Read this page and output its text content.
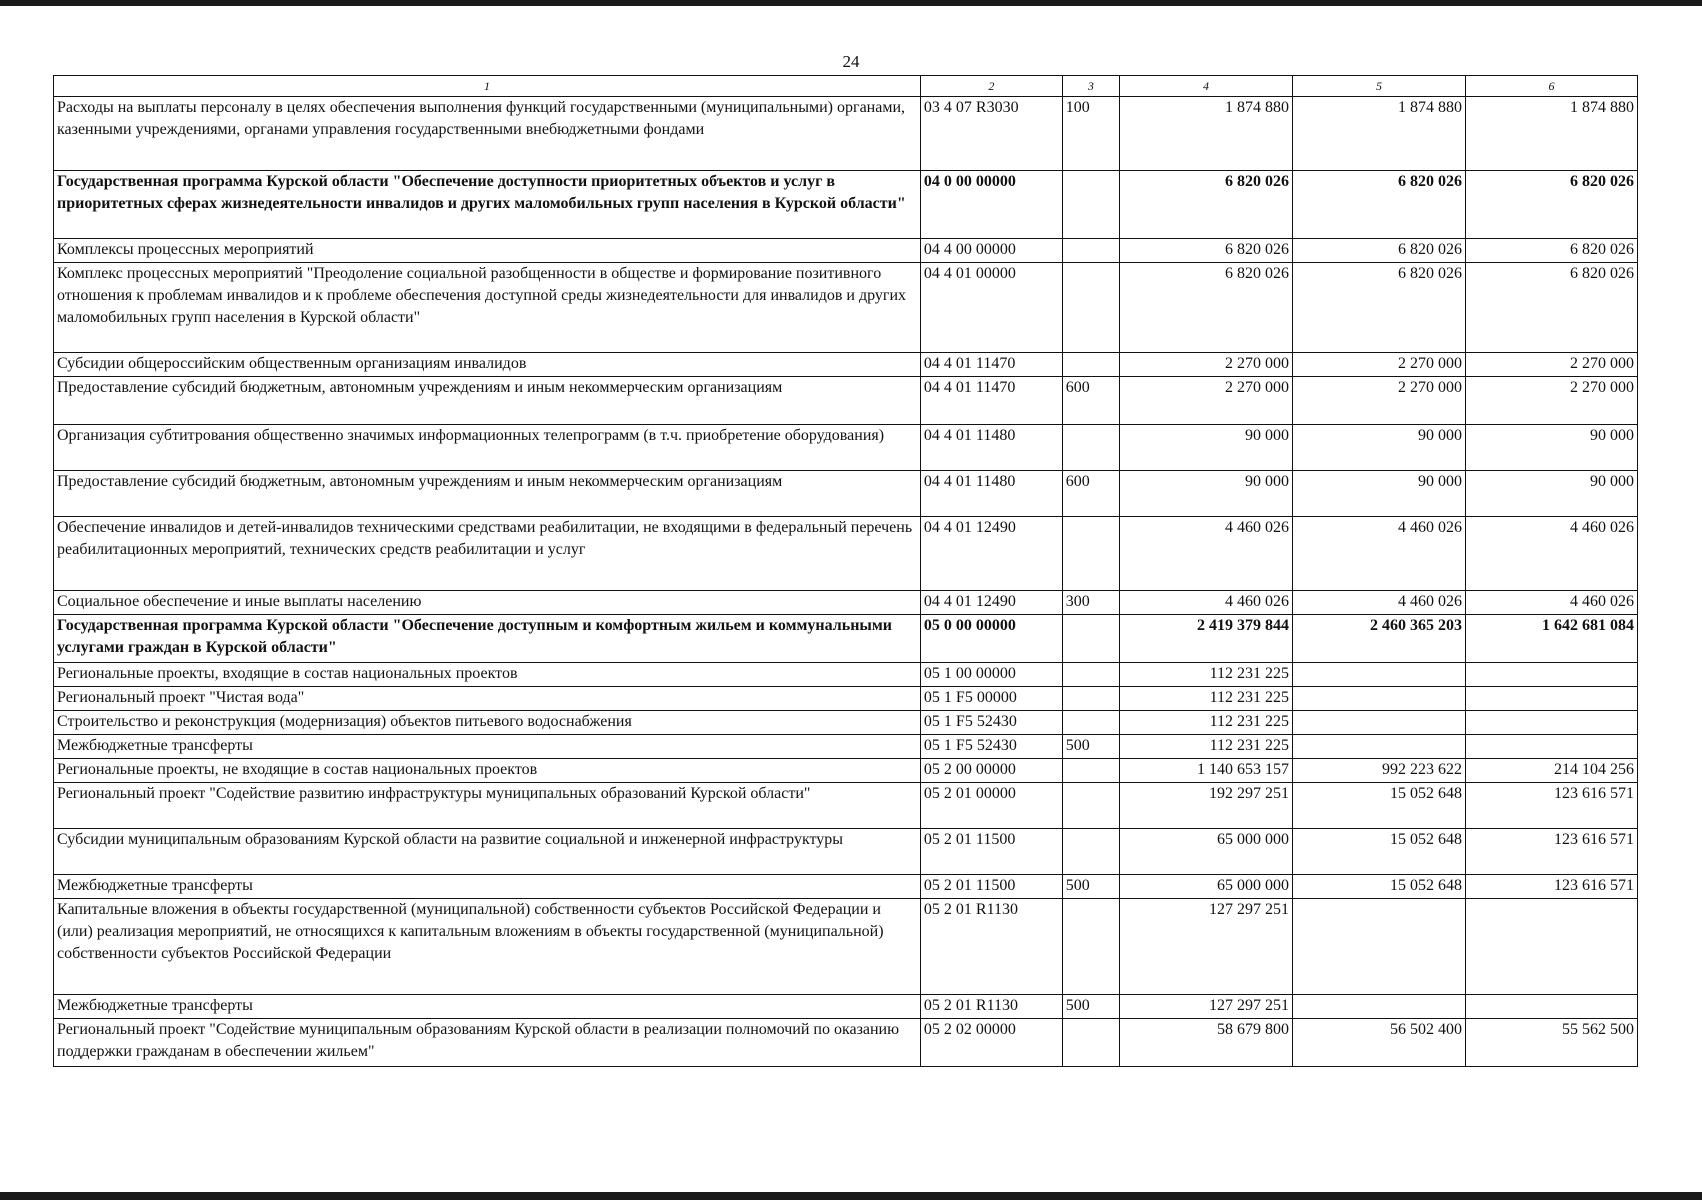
24
1	2	3	4	5	6
Расходы на выплаты персоналу в целях обеспечения выполнения функций государственными (муниципальными) органами, казенными учреждениями, органами управления государственными внебюджетными фондами	03 4 07 R3030	100	1 874 880	1 874 880	1 874 880
Государственная программа Курской области "Обеспечение доступности приоритетных объектов и услуг в приоритетных сферах жизнедеятельности инвалидов и других маломобильных групп населения в Курской области"	04 0 00 00000		6 820 026	6 820 026	6 820 026
Комплексы процессных мероприятий	04 4 00 00000		6 820 026	6 820 026	6 820 026
Комплекс процессных мероприятий "Преодоление социальной разобщенности в обществе и формирование позитивного отношения к проблемам инвалидов и к проблеме обеспечения доступной среды жизнедеятельности для инвалидов и других маломобильных групп населения в Курской области"	04 4 01 00000		6 820 026	6 820 026	6 820 026
Субсидии общероссийским общественным организациям инвалидов	04 4 01 11470		2 270 000	2 270 000	2 270 000
Предоставление субсидий бюджетным, автономным учреждениям и иным некоммерческим организациям	04 4 01 11470	600	2 270 000	2 270 000	2 270 000
Организация субтитрования общественно значимых информационных телепрограмм (в т.ч. приобретение оборудования)	04 4 01 11480		90 000	90 000	90 000
Предоставление субсидий бюджетным, автономным учреждениям и иным некоммерческим организациям	04 4 01 11480	600	90 000	90 000	90 000
Обеспечение инвалидов и детей-инвалидов техническими средствами реабилитации, не входящими в федеральный перечень реабилитационных мероприятий, технических средств реабилитации и услуг	04 4 01 12490		4 460 026	4 460 026	4 460 026
Социальное обеспечение и иные выплаты населению	04 4 01 12490	300	4 460 026	4 460 026	4 460 026
Государственная программа Курской области "Обеспечение доступным и комфортным жильем и коммунальными услугами граждан в Курской области"	05 0 00 00000		2 419 379 844	2 460 365 203	1 642 681 084
Региональные проекты, входящие в состав национальных проектов	05 1 00 00000		112 231 225		
Региональный проект "Чистая вода"	05 1 F5 00000		112 231 225		
Строительство и реконструкция (модернизация) объектов питьевого водоснабжения	05 1 F5 52430		112 231 225		
Межбюджетные трансферты	05 1 F5 52430	500	112 231 225		
Региональные проекты, не входящие в состав национальных проектов	05 2 00 00000		1 140 653 157	992 223 622	214 104 256
Региональный проект "Содействие развитию инфраструктуры муниципальных образований Курской области"	05 2 01 00000		192 297 251	15 052 648	123 616 571
Субсидии муниципальным образованиям Курской области на развитие социальной и инженерной инфраструктуры	05 2 01 11500		65 000 000	15 052 648	123 616 571
Межбюджетные трансферты	05 2 01 11500	500	65 000 000	15 052 648	123 616 571
Капитальные вложения в объекты государственной (муниципальной) собственности субъектов Российской Федерации и (или) реализация мероприятий, не относящихся к капитальным вложениям в объекты государственной (муниципальной) собственности субъектов Российской Федерации	05 2 01 R1130		127 297 251		
Межбюджетные трансферты	05 2 01 R1130	500	127 297 251		
Региональный проект "Содействие муниципальным образованиям Курской области в реализации полномочий по оказанию поддержки гражданам в обеспечении жильем"	05 2 02 00000		58 679 800	56 502 400	55 562 500
